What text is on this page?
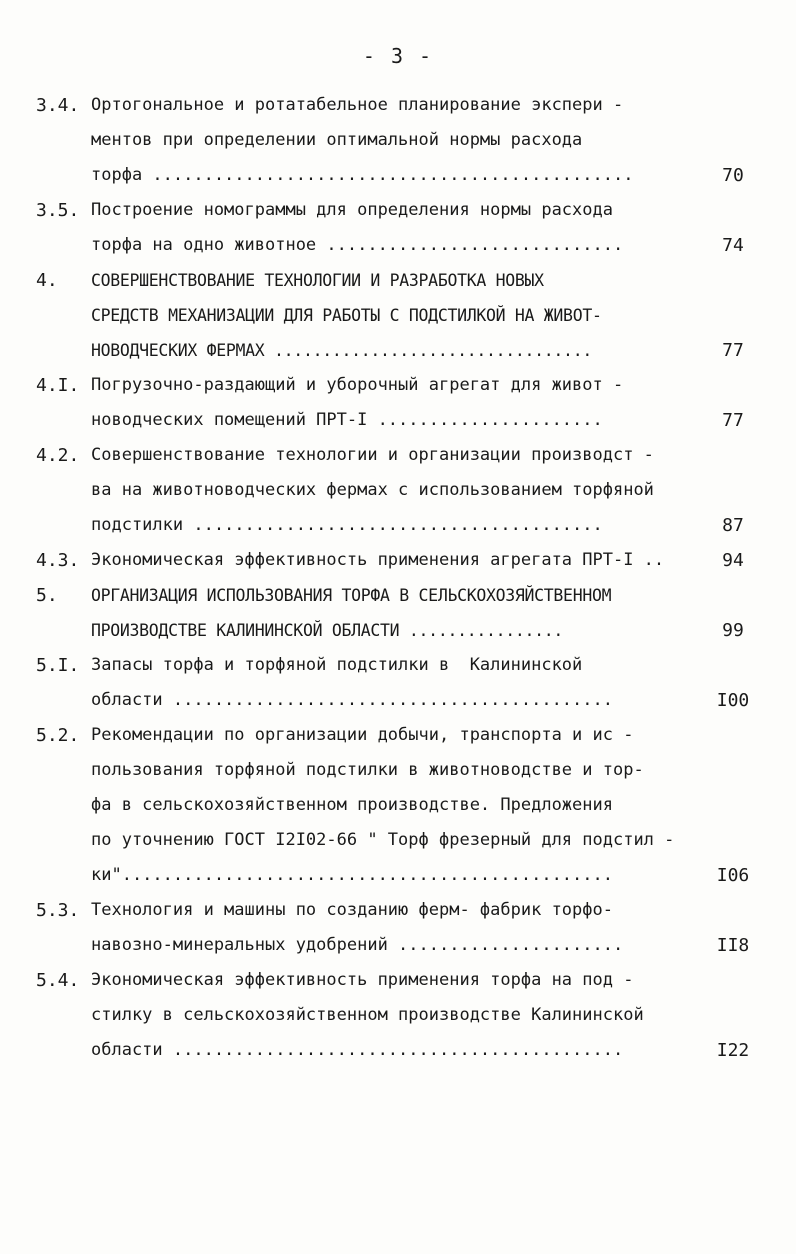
- 3 -
3.4. Ортогональное и ротатабельное планирование экспери -
ментов при определении оптимальной нормы расхода
торфа ...............................................	70
3.5. Построение номограммы для определения нормы расхода
торфа на одно животное .............................	74
4.	СОВЕРШЕНСТВОВАНИЕ ТЕХНОЛОГИИ И РАЗРАБОТКА НОВЫХ
СРЕДСТВ МЕХАНИЗАЦИИ ДЛЯ РАБОТЫ С ПОДСТИЛКОЙ НА ЖИВОТ-
НОВОДЧЕСКИХ ФЕРМАХ .................................	77
4.I. Погрузочно-раздающий и уборочный агрегат для живот -
новодческих помещений ПРТ-I ......................	77
4.2. Совершенствование технологии и организации производст -
ва на животноводческих фермах с использованием торфяной
подстилки ........................................	87
4.3. Экономическая эффективность применения агрегата ПРТ-I ..	94
5.	ОРГАНИЗАЦИЯ ИСПОЛЬЗОВАНИЯ ТОРФА В СЕЛЬСКОХОЗЯЙСТВЕННОМ
ПРОИЗВОДСТВЕ КАЛИНИНСКОЙ ОБЛАСТИ ................	99
5.I. Запасы торфа и торфяной подстилки в  Калининской
области ...........................................	I00
5.2. Рекомендации по организации добычи, транспорта и ис -
пользования торфяной подстилки в животноводстве и тор-
фа в сельскохозяйственном производстве. Предложения
по уточнению ГОСТ I2I02-66 " Торф фрезерный для подстил -
ки"................................................	I06
5.3. Технология и машины по созданию ферм- фабрик торфо-
навозно-минеральных удобрений ......................	II8
5.4. Экономическая эффективность применения торфа на под -
стилку в сельскохозяйственном производстве Калининской
области ............................................	I22
